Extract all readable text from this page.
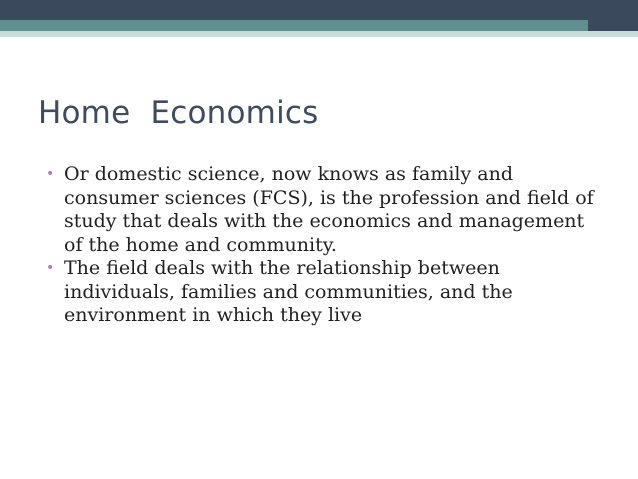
Home  Economics
• Or domestic science, now knows as family and consumer sciences (FCS), is the profession and field of study that deals with the economics and management of the home and community.
• The field deals with the relationship between individuals, families and communities, and the environment in which they live
